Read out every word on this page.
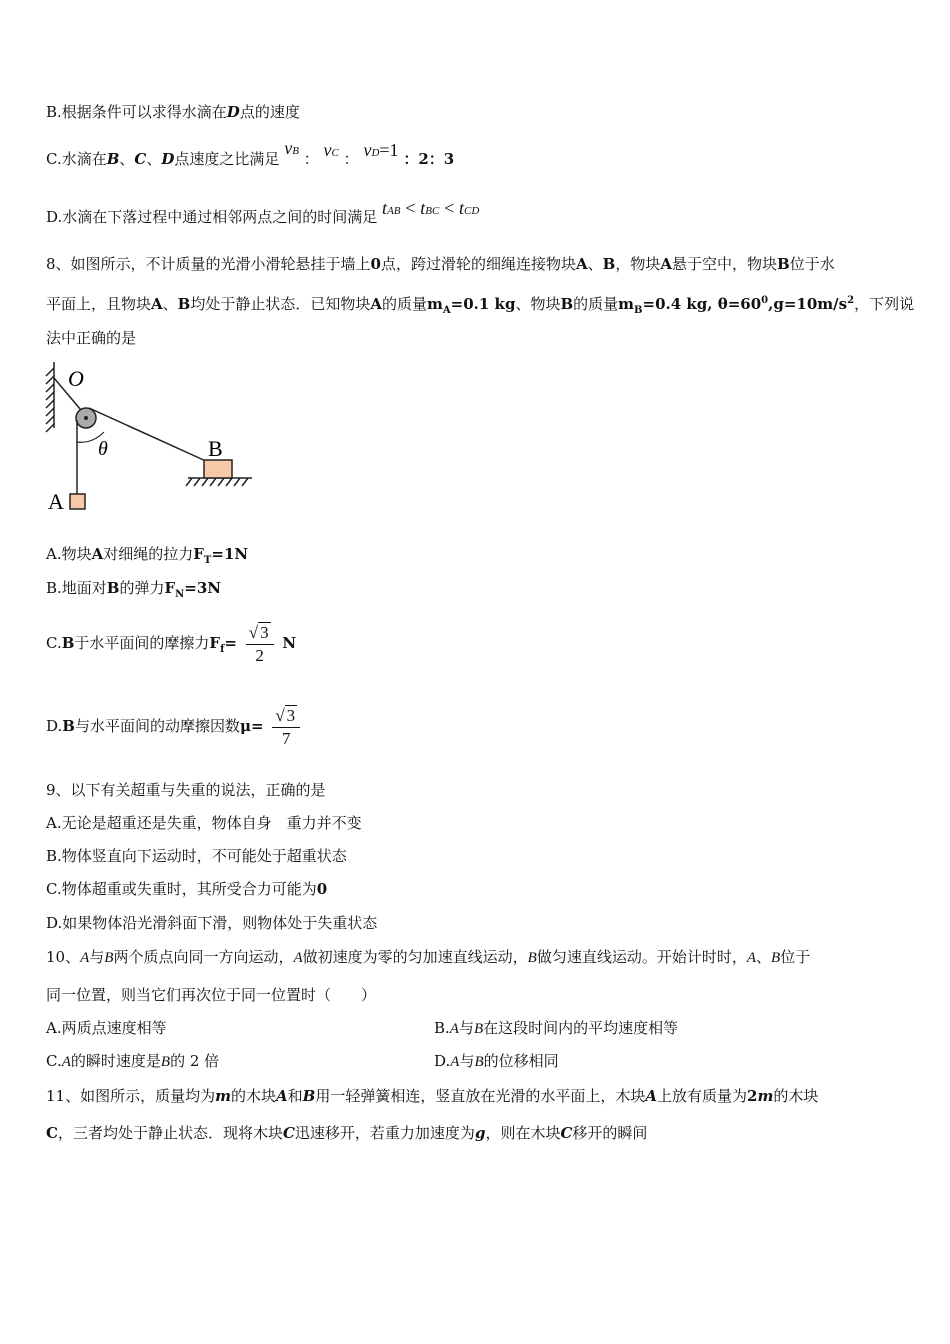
B.根据条件可以求得水滴在D点的速度
C.水滴在B、C、D点速度之比满足 vB ： vC ： vD=1 ：2：3
D.水滴在下落过程中通过相邻两点之间的时间满足 tAB < tBC < tCD
8、如图所示，不计质量的光滑小滑轮悬挂于墙上0点，跨过滑轮的细绳连接物块A、B，物块A悬于空中，物块B位于水
平面上，且物块A、B均处于静止状态．已知物块A的质量$m_A=0.1$ kg、物块B的质量$m_B=0.4$ kg, $\theta=60^0,g=10m/s^2$，下列说
法中正确的是
O
θ	B
A
A.物块A对细绳的拉力$F_T=1N$
B.地面对B的弹力$F_N=3N$
C.B于水平面间的摩擦力$F_f= \frac{√ 3}{2}$ N
D.B与水平面间的动摩擦因数$\mu= \frac{√ 3}{7}$
9、以下有关超重与失重的说法，正确的是
A.无论是超重还是失重，物体自身　重力并不变
B.物体竖直向下运动时，不可能处于超重状态
C.物体超重或失重时，其所受合力可能为0
D.如果物体沿光滑斜面下滑，则物体处于失重状态
10、A与B两个质点向同一方向运动，A做初速度为零的匀加速直线运动，B做匀速直线运动。开始计时时，A、B位于
同一位置，则当它们再次位于同一位置时（　　）
A.两质点速度相等	B.A与B在这段时间内的平均速度相等
C.A的瞬时速度是B的 2 倍	D.A与B的位移相同
11、如图所示，质量均为m的木块A和B用一轻弹簧相连，竖直放在光滑的水平面上，木块A上放有质量为2m的木块
C，三者均处于静止状态．现将木块C迅速移开，若重力加速度为g，则在木块C移开的瞬间
